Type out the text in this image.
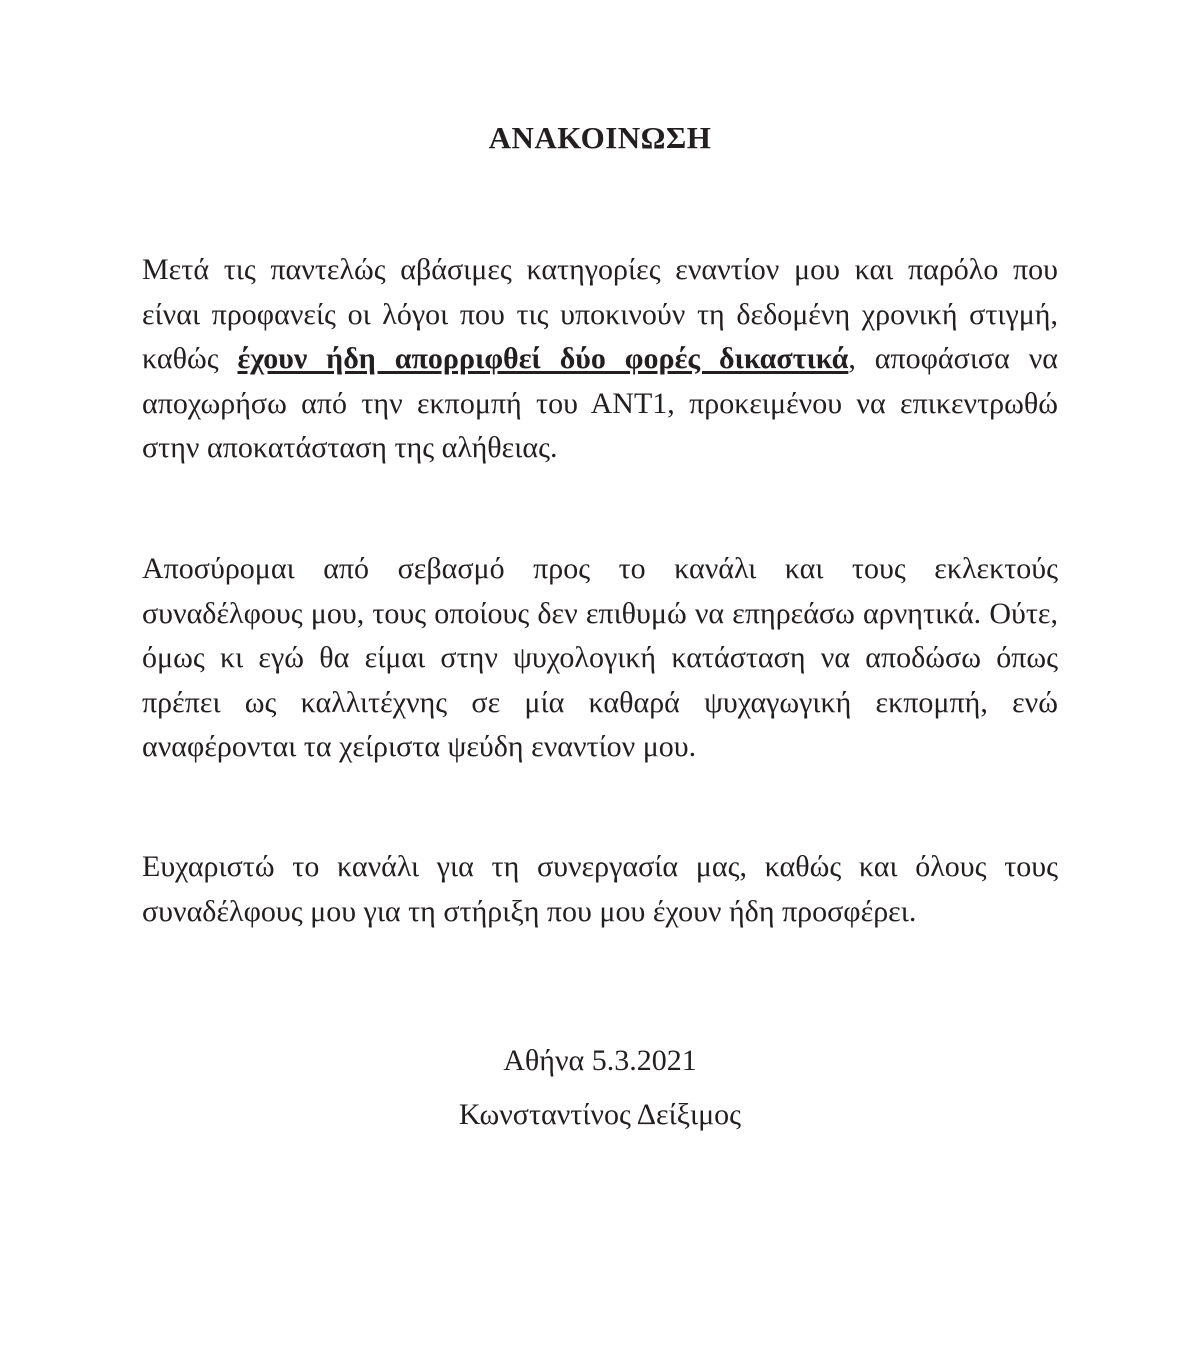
ΑΝΑΚΟΙΝΩΣΗ

Μετά τις παντελώς αβάσιμες κατηγορίες εναντίον μου και παρόλο που είναι προφανείς οι λόγοι που τις υποκινούν τη δεδομένη χρονική στιγμή, καθώς έχουν ήδη απορριφθεί δύο φορές δικαστικά, αποφάσισα να αποχωρήσω από την εκπομπή του ΑΝΤ1, προκειμένου να επικεντρωθώ στην αποκατάσταση της αλήθειας.

Αποσύρομαι από σεβασμό προς το κανάλι και τους εκλεκτούς συναδέλφους μου, τους οποίους δεν επιθυμώ να επηρεάσω αρνητικά. Ούτε, όμως κι εγώ θα είμαι στην ψυχολογική κατάσταση να αποδώσω όπως πρέπει ως καλλιτέχνης σε μία καθαρά ψυχαγωγική εκπομπή, ενώ αναφέρονται τα χείριστα ψεύδη εναντίον μου.

Ευχαριστώ το κανάλι για τη συνεργασία μας, καθώς και όλους τους συναδέλφους μου για τη στήριξη που μου έχουν ήδη προσφέρει.

Αθήνα 5.3.2021

Κωνσταντίνος Δείξιμος
